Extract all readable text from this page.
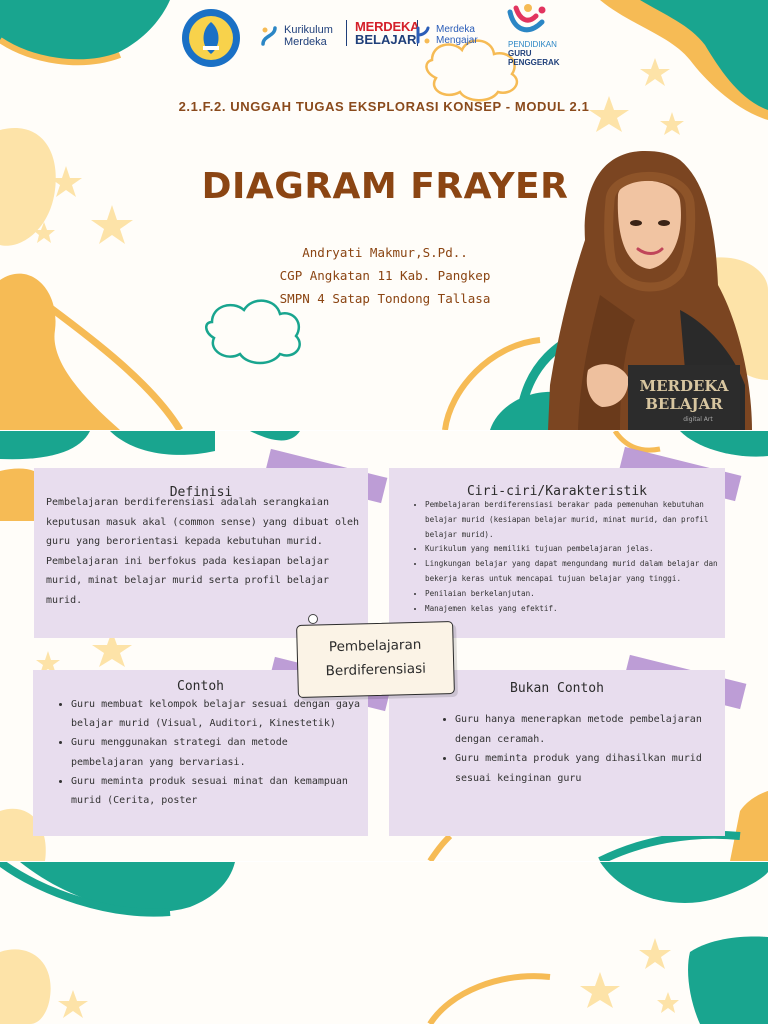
Kurikulum Merdeka
MERDEKA
BELAJAR
Merdeka Mengajar	PENDIDIKAN
GURU
PENGGERAK
2.1.F.2. UNGGAH TUGAS EKSPLORASI KONSEP - MODUL 2.1
DIAGRAM FRAYER
Andryati Makmur,S.Pd..
CGP Angkatan 11 Kab. Pangkep
SMPN 4 Satap Tondong Tallasa
MERDEKA
BELAJAR
digital Art
Definisi
Pembelajaran berdiferensiasi adalah serangkaian keputusan masuk akal (common sense) yang dibuat oleh guru yang berorientasi kepada kebutuhan murid. Pembelajaran ini berfokus pada kesiapan belajar murid, minat belajar murid serta profil belajar murid.
Ciri-ciri/Karakteristik
• Pembelajaran berdiferensiasi berakar pada pemenuhan kebutuhan belajar murid (kesiapan belajar murid, minat murid, dan profil belajar murid).
• Kurikulum yang memiliki tujuan pembelajaran jelas.
• Lingkungan belajar yang dapat mengundang murid dalam belajar dan bekerja keras untuk mencapai tujuan belajar yang tinggi.
• Penilaian berkelanjutan.
• Manajemen kelas yang efektif.
Contoh
• Guru membuat kelompok belajar sesuai dengan gaya belajar murid (Visual, Auditori, Kinestetik)
• Guru menggunakan strategi dan metode pembelajaran yang bervariasi.
• Guru meminta produk sesuai minat dan kemampuan murid (Cerita, poster
Bukan Contoh
• Guru hanya menerapkan metode pembelajaran dengan ceramah.
• Guru meminta produk yang dihasilkan murid sesuai keinginan guru
Pembelajaran
Berdiferensiasi
